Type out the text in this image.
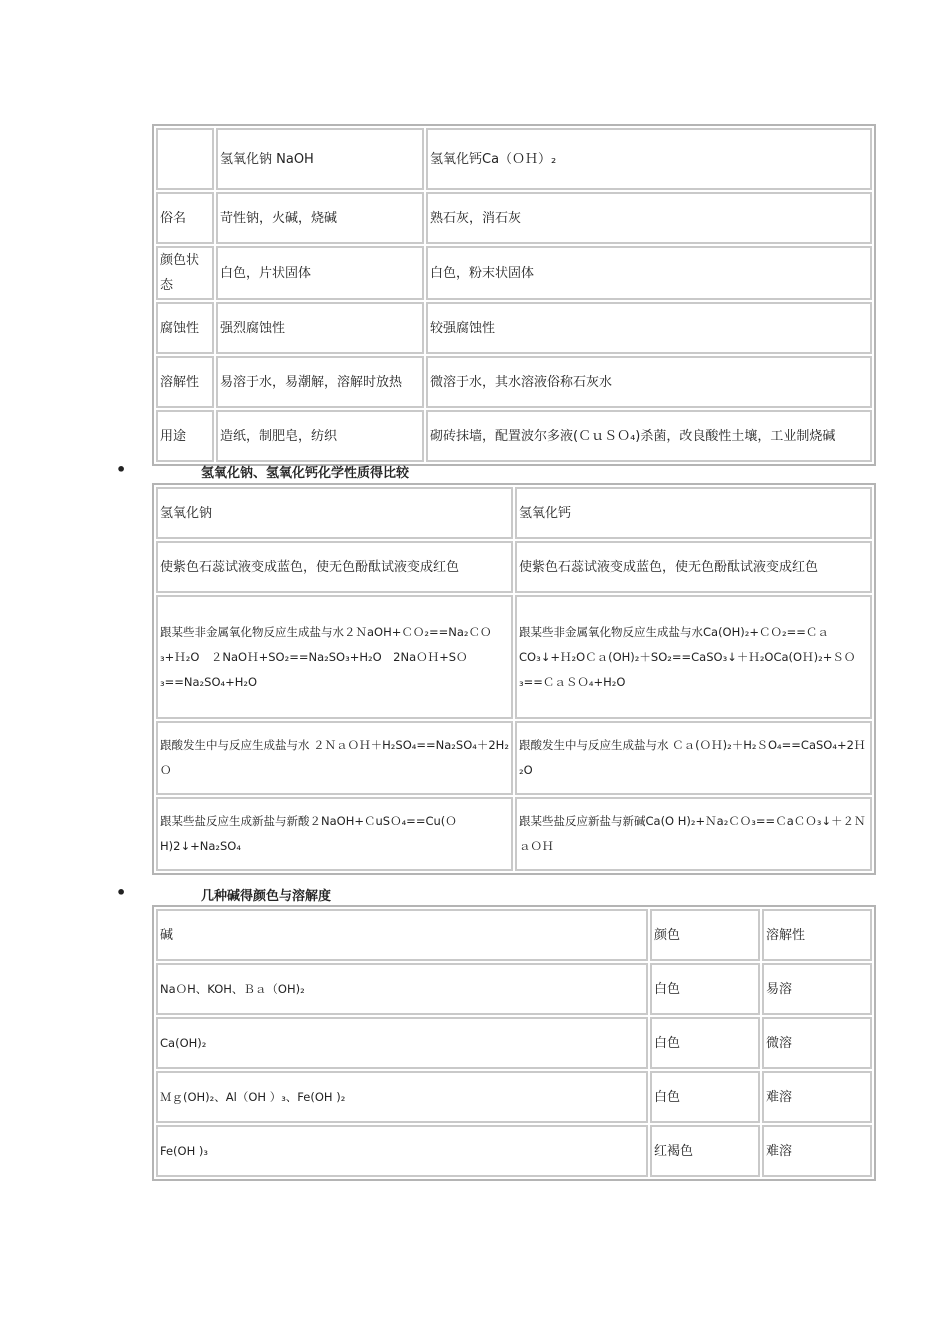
	氢氧化钠 NaOH	氢氧化钙Ca（ＯＨ）₂
俗名	苛性钠，火碱，烧碱	熟石灰，消石灰
颜色状态	白色，片状固体	白色，粉末状固体
腐蚀性	强烈腐蚀性	较强腐蚀性
溶解性	易溶于水，易潮解，溶解时放热	微溶于水，其水溶液俗称石灰水
用途	造纸，制肥皂，纺织	砌砖抹墙，配置波尔多液(ＣｕＳＯ₄)杀菌，改良酸性土壤，工业制烧碱
•	氢氧化钠、氢氧化钙化学性质得比较
氢氧化钠	氢氧化钙
使紫色石蕊试液变成蓝色，使无色酚酞试液变成红色	使紫色石蕊试液变成蓝色，使无色酚酞试液变成红色
跟某些非金属氧化物反应生成盐与水２ＮaOH+ＣＯ₂==Na₂ＣＯ₃+Ｈ₂O　２NaOＨ+SO₂==Na₂SO₃+H₂O　2NaＯＨ+SＯ₃==Na₂SO₄+H₂O	跟某些非金属氧化物反应生成盐与水Ca(OH)₂+ＣＯ₂==ＣａCO₃↓+Ｈ₂OＣａ(OH)₂＋SO₂==CaSO₃↓＋Ｈ₂OCa(OＨ)₂+ＳＯ₃==ＣａＳＯ₄+H₂O
跟酸发生中与反应生成盐与水 ２ＮａＯＨ＋H₂SO₄==Na₂SO₄＋2H₂Ｏ	跟酸发生中与反应生成盐与水 Ｃａ(ＯＨ)₂＋H₂ＳO₄==CaSO₄+2Ｈ₂O
跟某些盐反应生成新盐与新酸２NaOH+ＣuSＯ₄==Cu(ＯH)2↓+Na₂SO₄	跟某些盐反应新盐与新碱Ca(O H)₂+Ｎa₂ＣＯ₃==ＣaＣＯ₃↓＋２ＮａＯＨ
•	几种碱得颜色与溶解度
碱	颜色	溶解性
NaＯH、KOH、Ｂａ（OH)₂	白色	易溶
Ca(OH)₂	白色	微溶
Ｍｇ(OH)₂、Al（OH ）₃、Fe(OH )₂	白色	难溶
Fe(OH )₃	红褐色	难溶
